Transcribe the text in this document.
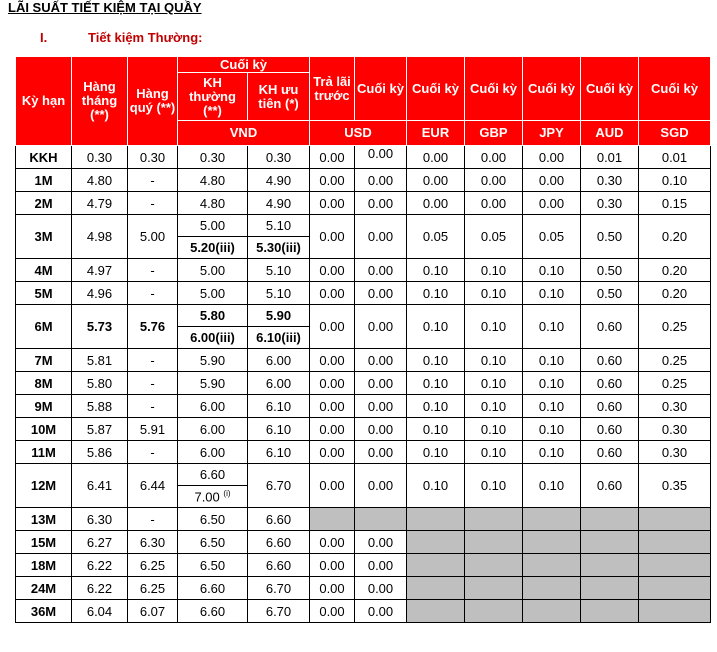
LÃI SUẤT TIẾT KIỆM TẠI QUẦY
I.	Tiết kiệm Thường:
Kỳ hạn	Hàng tháng (**)	Hàng quý (**)	Cuối kỳ		Trả lãi trước	Cuối kỳ	Cuối kỳ	Cuối kỳ	Cuối kỳ	Cuối kỳ	Cuối kỳ
			KH thường (**)	KH ưu tiên (*)							
			VND		USD		EUR	GBP	JPY	AUD	SGD
KKH	0.30	0.30	0.30	0.30	0.00	0.00	0.00	0.00	0.00	0.01	0.01
1M	4.80	-	4.80	4.90	0.00	0.00	0.00	0.00	0.00	0.30	0.10
2M	4.79	-	4.80	4.90	0.00	0.00	0.00	0.00	0.00	0.30	0.15
3M	4.98	5.00	5.00	5.10	0.00	0.00	0.05	0.05	0.05	0.50	0.20
			5.20(iii)	5.30(iii)							
4M	4.97	-	5.00	5.10	0.00	0.00	0.10	0.10	0.10	0.50	0.20
5M	4.96	-	5.00	5.10	0.00	0.00	0.10	0.10	0.10	0.50	0.20
6M	5.73	5.76	5.80	5.90	0.00	0.00	0.10	0.10	0.10	0.60	0.25
			6.00(iii)	6.10(iii)							
7M	5.81	-	5.90	6.00	0.00	0.00	0.10	0.10	0.10	0.60	0.25
8M	5.80	-	5.90	6.00	0.00	0.00	0.10	0.10	0.10	0.60	0.25
9M	5.88	-	6.00	6.10	0.00	0.00	0.10	0.10	0.10	0.60	0.30
10M	5.87	5.91	6.00	6.10	0.00	0.00	0.10	0.10	0.10	0.60	0.30
11M	5.86	-	6.00	6.10	0.00	0.00	0.10	0.10	0.10	0.60	0.30
12M	6.41	6.44	6.60	6.70	0.00	0.00	0.10	0.10	0.10	0.60	0.35
			7.00 $^{(i)}$
13M	6.30	-	6.50	6.60							
15M	6.27	6.30	6.50	6.60	0.00	0.00					
18M	6.22	6.25	6.50	6.60	0.00	0.00					
24M	6.22	6.25	6.60	6.70	0.00	0.00					
36M	6.04	6.07	6.60	6.70	0.00	0.00					
